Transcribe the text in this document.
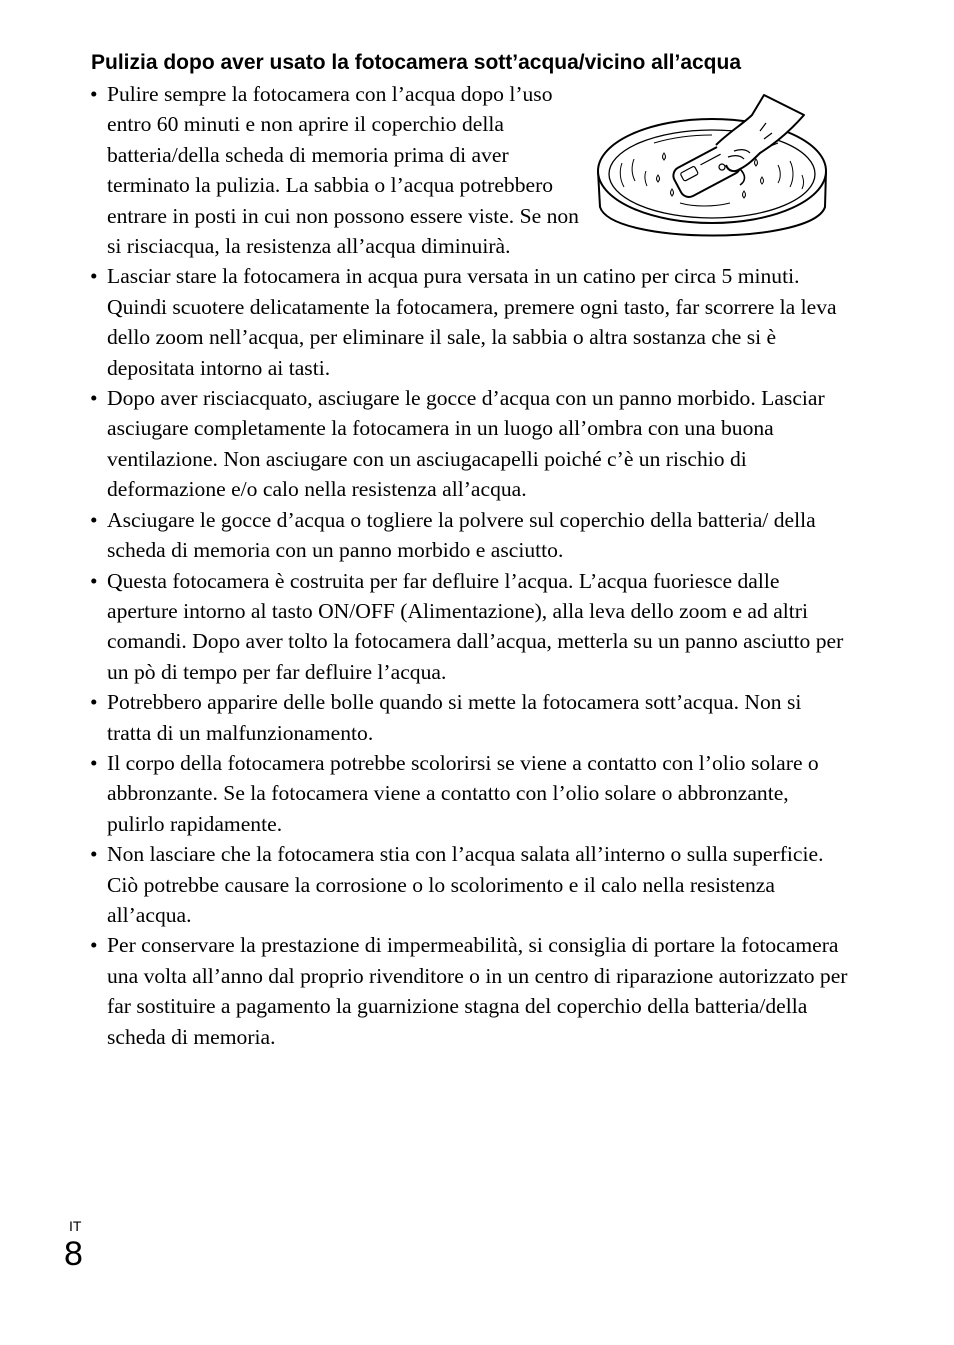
Pulizia dopo aver usato la fotocamera sott’acqua/vicino all’acqua
• Pulire sempre la fotocamera con l’acqua dopo l’uso entro 60 minuti e non aprire il coperchio della batteria/della scheda di memoria prima di aver terminato la pulizia. La sabbia o l’acqua potrebbero entrare in posti in cui non possono essere viste. Se non si risciacqua, la resistenza all’acqua diminuirà.
• Lasciar stare la fotocamera in acqua pura versata in un catino per circa 5 minuti. Quindi scuotere delicatamente la fotocamera, premere ogni tasto, far scorrere la leva dello zoom nell’acqua, per eliminare il sale, la sabbia o altra sostanza che si è depositata intorno ai tasti.
• Dopo aver risciacquato, asciugare le gocce d’acqua con un panno morbido. Lasciar asciugare completamente la fotocamera in un luogo all’ombra con una buona ventilazione. Non asciugare con un asciugacapelli poiché c’è un rischio di deformazione e/o calo nella resistenza all’acqua.
• Asciugare le gocce d’acqua o togliere la polvere sul coperchio della batteria/ della scheda di memoria con un panno morbido e asciutto.
• Questa fotocamera è costruita per far defluire l’acqua. L’acqua fuoriesce dalle aperture intorno al tasto ON/OFF (Alimentazione), alla leva dello zoom e ad altri comandi. Dopo aver tolto la fotocamera dall’acqua, metterla su un panno asciutto per un pò di tempo per far defluire l’acqua.
• Potrebbero apparire delle bolle quando si mette la fotocamera sott’acqua. Non si tratta di un malfunzionamento.
• Il corpo della fotocamera potrebbe scolorirsi se viene a contatto con l’olio solare o abbronzante. Se la fotocamera viene a contatto con l’olio solare o abbronzante, pulirlo rapidamente.
• Non lasciare che la fotocamera stia con l’acqua salata all’interno o sulla superficie. Ciò potrebbe causare la corrosione o lo scolorimento e il calo nella resistenza all’acqua.
• Per conservare la prestazione di impermeabilità, si consiglia di portare la fotocamera una volta all’anno dal proprio rivenditore o in un centro di riparazione autorizzato per far sostituire a pagamento la guarnizione stagna del coperchio della batteria/della scheda di memoria.
IT
8
